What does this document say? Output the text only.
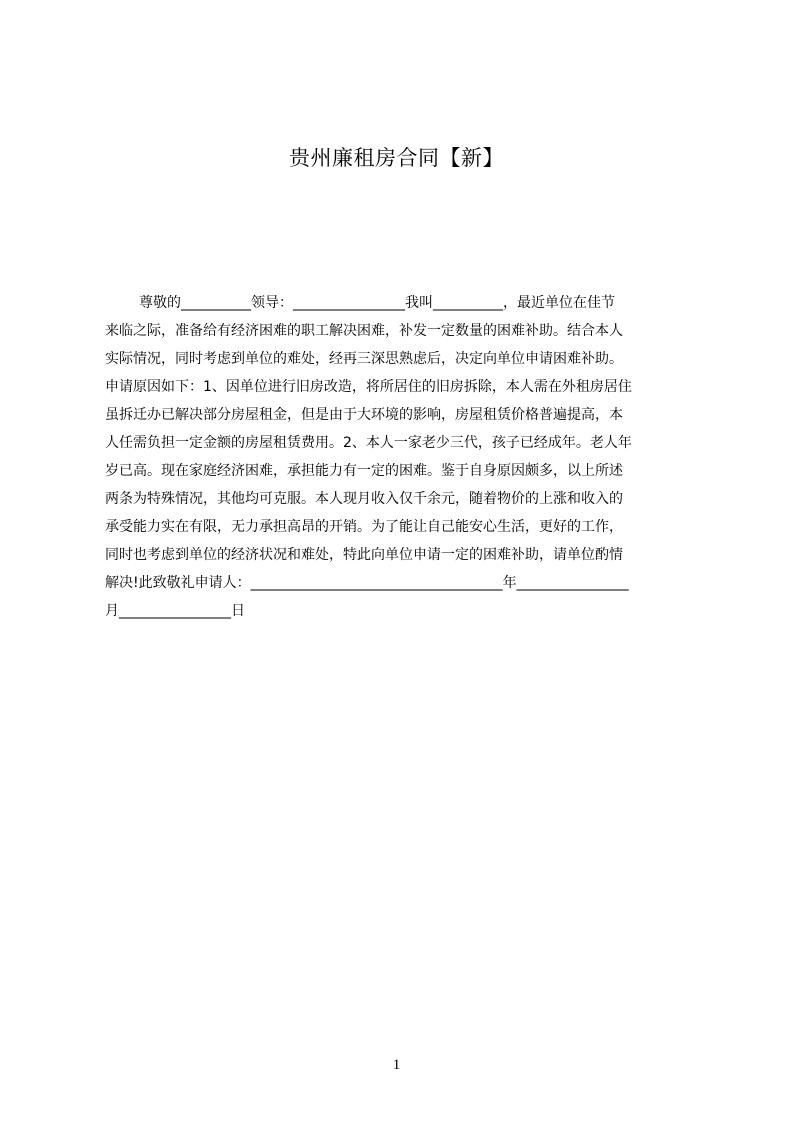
贵州廉租房合同【新】
尊敬的__________领导：________________我叫__________，最近单位在佳节
来临之际，准备给有经济困难的职工解决困难，补发一定数量的困难补助。结合本人
实际情况，同时考虑到单位的难处，经再三深思熟虑后，决定向单位申请困难补助。
申请原因如下：1、因单位进行旧房改造，将所居住的旧房拆除，本人需在外租房居住
虽拆迁办已解决部分房屋租金，但是由于大环境的影响，房屋租赁价格普遍提高，本
人任需负担一定金额的房屋租赁费用。2、本人一家老少三代，孩子已经成年。老人年
岁已高。现在家庭经济困难，承担能力有一定的困难。鉴于自身原因颇多，以上所述
两条为特殊情况，其他均可克服。本人现月收入仅千余元，随着物价的上涨和收入的
承受能力实在有限，无力承担高昂的开销。为了能让自己能安心生活，更好的工作，
同时也考虑到单位的经济状况和难处，特此向单位申请一定的困难补助，请单位酌情
解决!此致敬礼申请人：____________________________________年________________
月________________日
1
